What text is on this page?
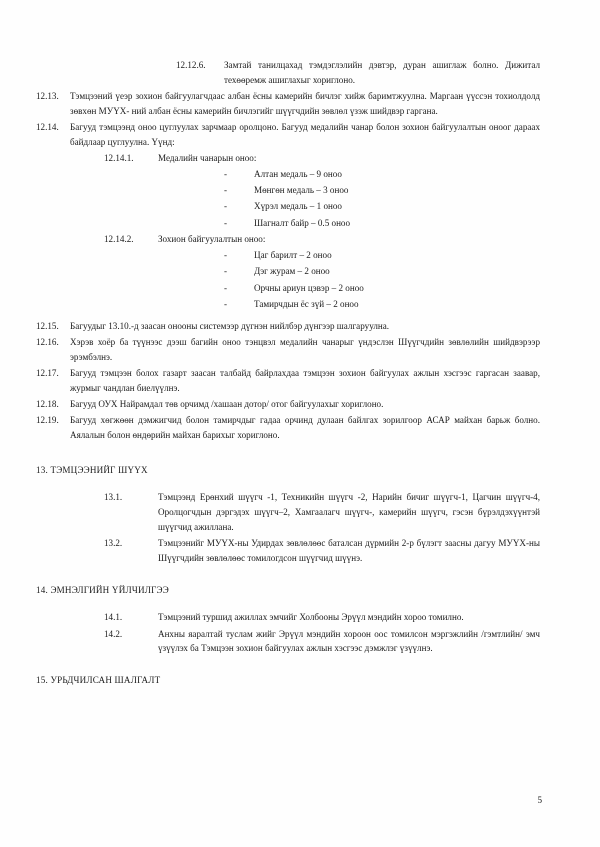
12.12.6.	Замтай танилцахад тэмдэглэлийн дэвтэр, дуран ашиглаж болно. Дижитал техөөремж ашиглахыг хориглоно.
12.13.	Тэмцээний үеэр зохион байгуулагчдаас албан ёсны камерийн бичлэг хийж баримтжуулна. Маргаан үүссэн тохиолдолд зөвхөн МУҮХ- ний албан ёсны камерийн бичлэгийг шүүгчдийн зөвлөл үзэж шийдвэр гаргана.
12.14.	Багууд тэмцээнд оноо цуглуулах зарчмаар оролцоно. Багууд медалийн чанар болон зохион байгуулалтын оноог дараах байдлаар цуглуулна. Үүнд:
12.14.1.	Медалийн чанарын оноо:
-	Алтан медаль – 9 оноо
-	Мөнгөн медаль – 3 оноо
-	Хүрэл медаль – 1 оноо
-	Шагналт байр – 0.5 оноо
12.14.2.	Зохион байгуулалтын оноо:
-	Цаг барилт – 2 оноо
-	Дэг журам – 2 оноо
-	Орчны ариун цэвэр – 2 оноо
-	Тамирчдын ёс зүй – 2 оноо
12.15.	Багуудыг 13.10.-д заасан онооны системээр дүгнэн нийлбэр дүнгээр шалгаруулна.
12.16.	Хэрэв хоёр ба түүнээс дээш багийн оноо тэнцвэл медалийн чанарыг үндэслэн Шүүгчдийн зөвлөлийн шийдвэрээр эрэмбэлнэ.
12.17.	Багууд тэмцээн болох газарт заасан талбайд байрлахдаа тэмцээн зохион байгуулах ажлын хэсгээс гаргасан заавар, журмыг чандлан биелүүлнэ.
12.18.	Багууд ОУХ Найрамдал төв орчимд /хашаан дотор/ отог байгуулахыг хориглоно.
12.19.	Багууд хөгжөөн дэмжигчид болон тамирчдыг гадаа орчинд дулаан байлгах зорилгоор АСАР майхан барьж болно. Аялалын болон өндөрийн майхан барихыг хориглоно.
13. ТЭМЦЭЭНИЙГ ШҮҮХ
13.1.	Тэмцээнд Ерөнхий шүүгч -1, Техникийн шүүгч -2, Нарийн бичиг шүүгч-1, Цагчин шүүгч-4, Оролцогчдын дэргэдэх шүүгч–2, Хамгаалагч шүүгч-, камерийн шүүгч, гэсэн бүрэлдэхүүнтэй шүүгчид ажиллана.
13.2.	Тэмцээнийг МУҮХ-ны Удирдах зөвлөлөөс баталсан дүрмийн 2-р бүлэгт заасны дагуу МУҮХ-ны Шүүгчдийн зөвлөлөөс томилогдсон шүүгчид шүүнэ.
14. ЭМНЭЛГИЙН ҮЙЛЧИЛГЭЭ
14.1.	Тэмцээний туршид ажиллах эмчийг Холбооны Эрүүл мэндийн хороо томилно.
14.2.	Анхны яаралтай туслам жийг Эрүүл мэндийн хороон оос томилсон мэргэжлийн /гэмтлийн/ эмч үзүүлэх ба Тэмцээн зохион байгуулах ажлын хэсгээс дэмжлэг үзүүлнэ.
15. УРЬДЧИЛСАН ШАЛГАЛТ
5
